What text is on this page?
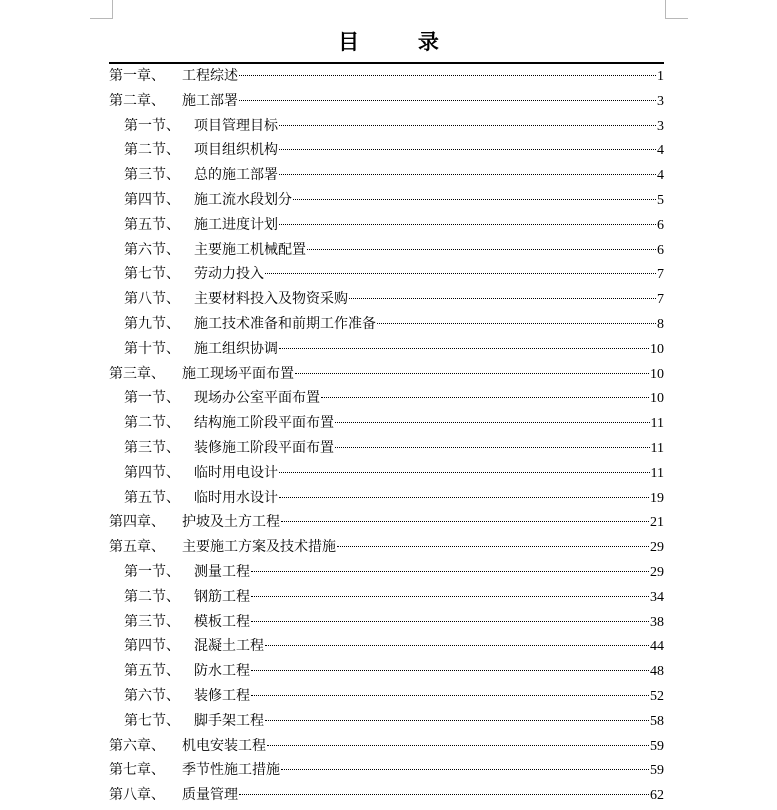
目　录
第一章、	工程综述	1
第二章、	施工部署	3
第一节、	项目管理目标	3
第二节、	项目组织机构	4
第三节、	总的施工部署	4
第四节、	施工流水段划分	5
第五节、	施工进度计划	6
第六节、	主要施工机械配置	6
第七节、	劳动力投入	7
第八节、	主要材料投入及物资采购	7
第九节、	施工技术准备和前期工作准备	8
第十节、	施工组织协调	10
第三章、	施工现场平面布置	10
第一节、	现场办公室平面布置	10
第二节、	结构施工阶段平面布置	11
第三节、	装修施工阶段平面布置	11
第四节、	临时用电设计	11
第五节、	临时用水设计	19
第四章、	护坡及土方工程	21
第五章、	主要施工方案及技术措施	29
第一节、	测量工程	29
第二节、	钢筋工程	34
第三节、	模板工程	38
第四节、	混凝土工程	44
第五节、	防水工程	48
第六节、	装修工程	52
第七节、	脚手架工程	58
第六章、	机电安装工程	59
第七章、	季节性施工措施	59
第八章、	质量管理	62
